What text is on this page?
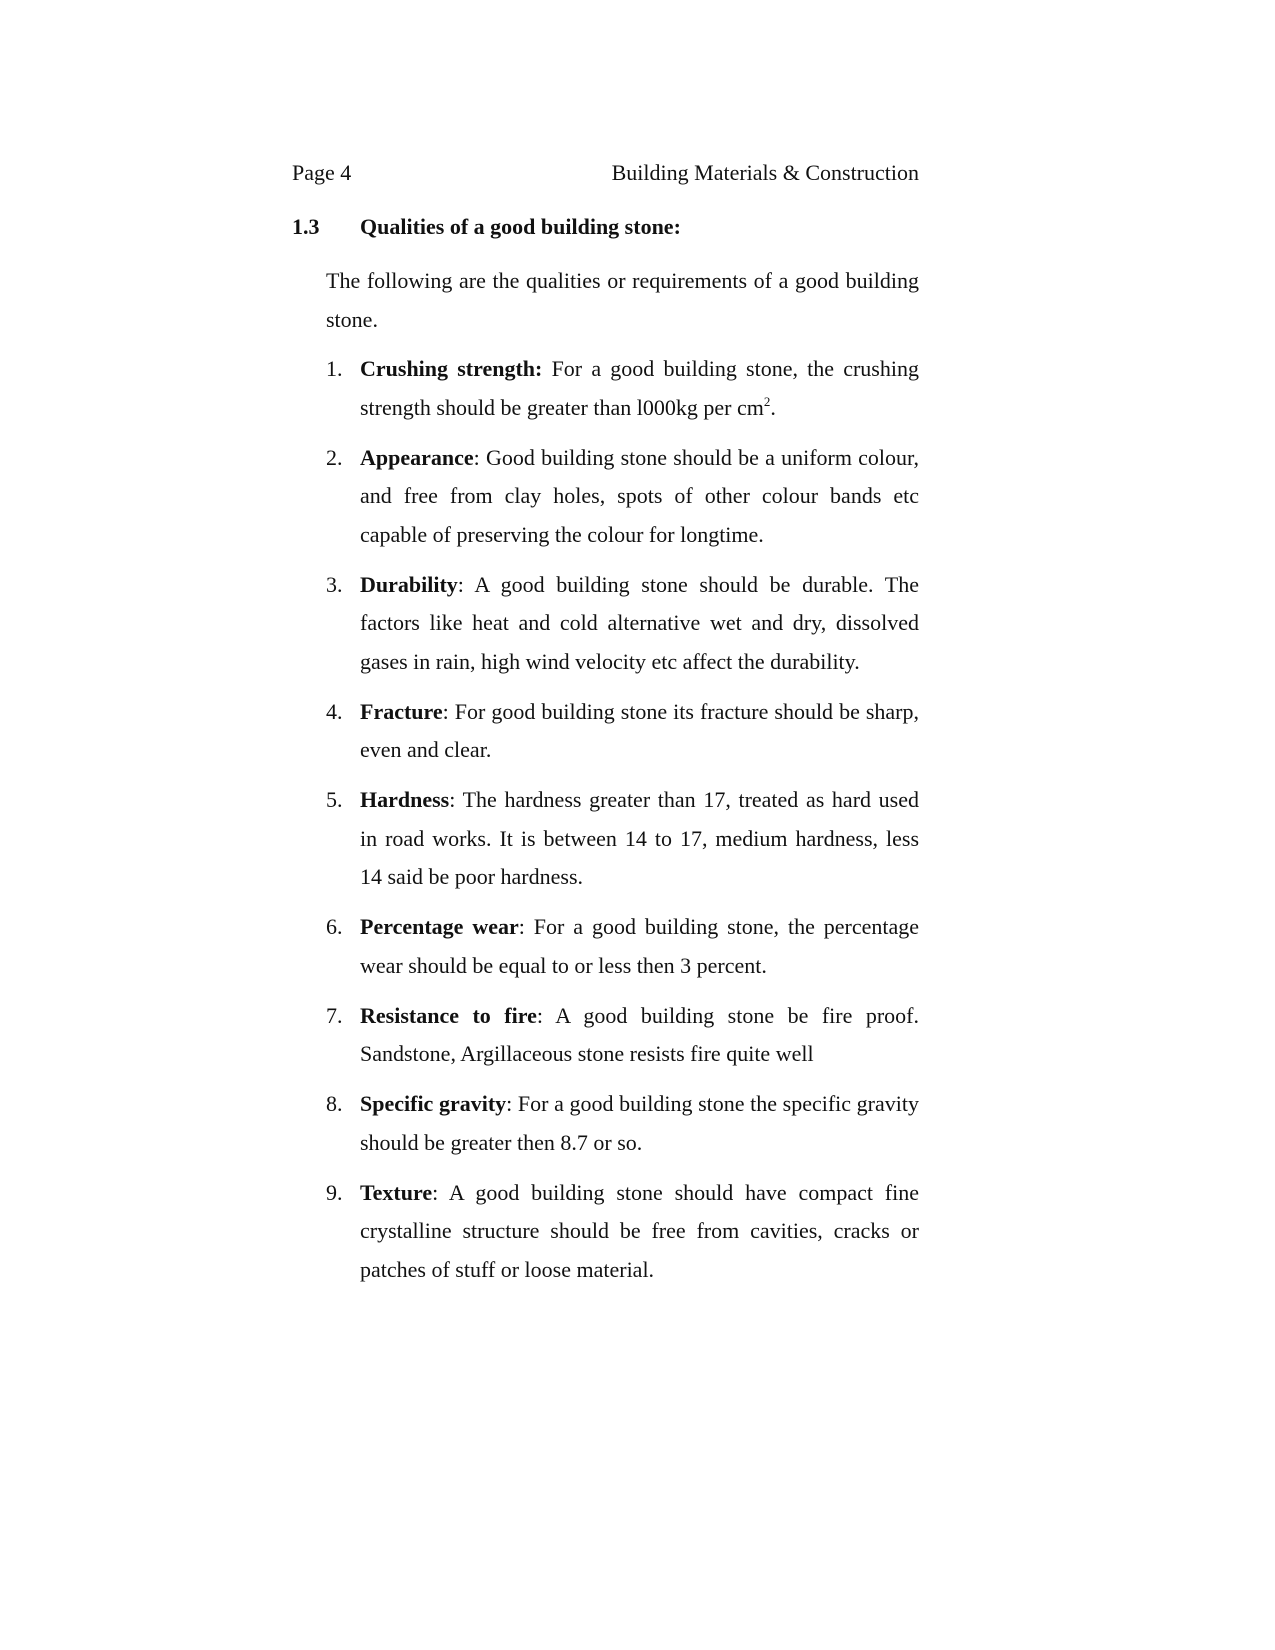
Page 4	Building Materials & Construction
1.3 Qualities of a good building stone:

The following are the qualities or requirements of a good building stone.

1. Crushing strength: For a good building stone, the crushing strength should be greater than l000kg per $cm^2$.
2. Appearance: Good building stone should be a uniform colour, and free from clay holes, spots of other colour bands etc capable of preserving the colour for longtime.
3. Durability: A good building stone should be durable. The factors like heat and cold alternative wet and dry, dissolved gases in rain, high wind velocity etc affect the durability.
4. Fracture: For good building stone its fracture should be sharp, even and clear.
5. Hardness: The hardness greater than 17, treated as hard used in road works. It is between 14 to 17, medium hardness, less 14 said be poor hardness.
6. Percentage wear: For a good building stone, the percentage wear should be equal to or less then 3 percent.
7. Resistance to fire: A good building stone be fire proof. Sandstone, Argillaceous stone resists fire quite well
8. Specific gravity: For a good building stone the specific gravity should be greater then 8.7 or so.
9. Texture: A good building stone should have compact fine crystalline structure should be free from cavities, cracks or patches of stuff or loose material.
